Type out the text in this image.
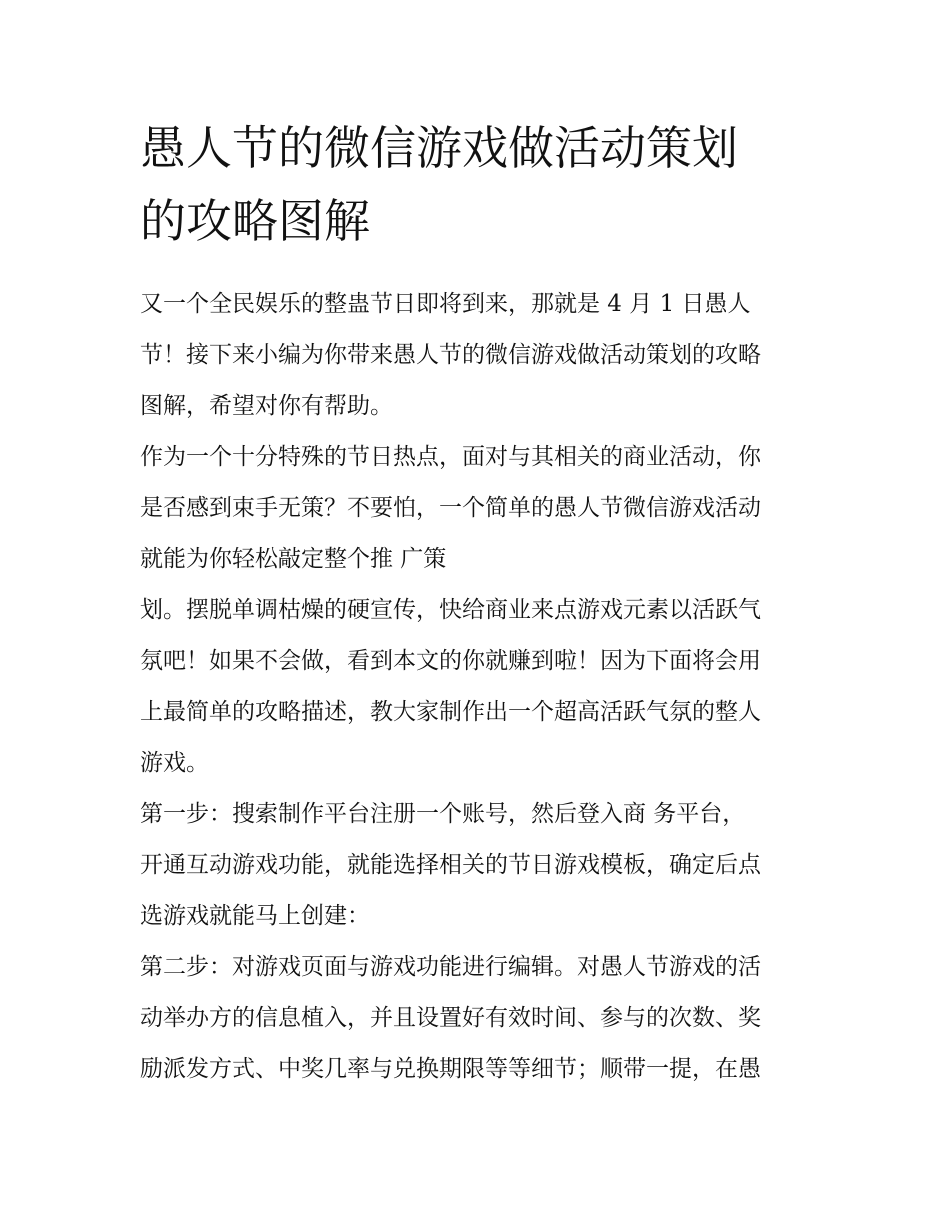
愚人节的微信游戏做活动策划
的攻略图解

又一个全民娱乐的整蛊节日即将到来，那就是 4 月 1 日愚人
节！接下来小编为你带来愚人节的微信游戏做活动策划的攻略
图解，希望对你有帮助。

作为一个十分特殊的节日热点，面对与其相关的商业活动，你
是否感到束手无策？不要怕，一个简单的愚人节微信游戏活动
就能为你轻松敲定整个推 广策

划。摆脱单调枯燥的硬宣传，快给商业来点游戏元素以活跃气
氛吧！如果不会做，看到本文的你就赚到啦！因为下面将会用
上最简单的攻略描述，教大家制作出一个超高活跃气氛的整人
游戏。

第一步：搜索制作平台注册一个账号，然后登入商 务平台，
开通互动游戏功能，就能选择相关的节日游戏模板，确定后点
选游戏就能马上创建：

第二步：对游戏页面与游戏功能进行编辑。对愚人节游戏的活
动举办方的信息植入，并且设置好有效时间、参与的次数、奖
励派发方式、中奖几率与兑换期限等等细节；顺带一提，在愚
